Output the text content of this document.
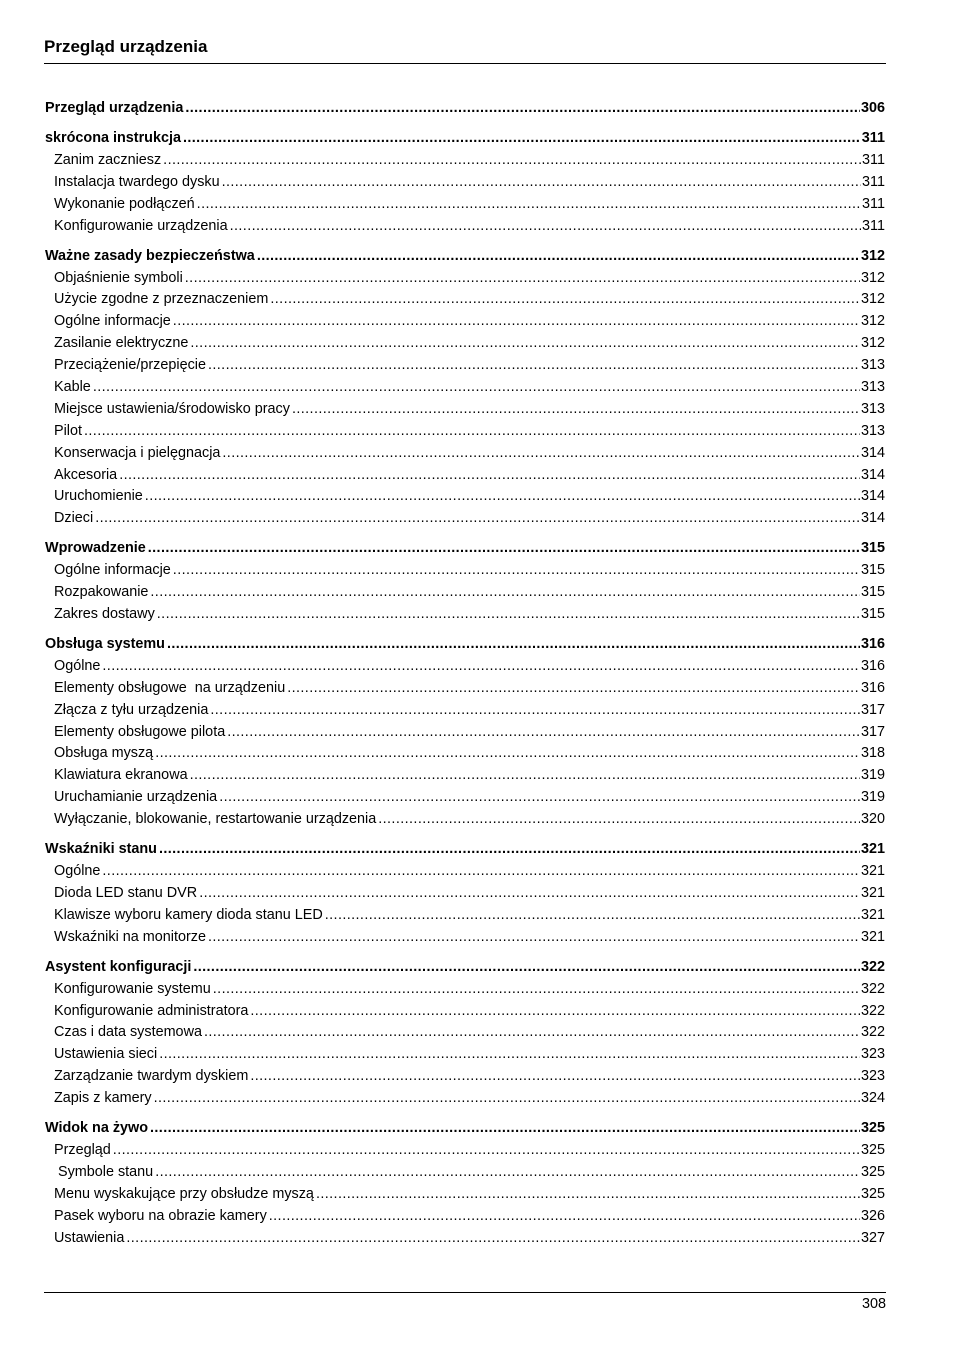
Przegląd urządzenia
Przegląd urządzenia .....	306
skrócona instrukcja .....	311
Zanim zaczniesz .....	311
Instalacja twardego dysku .....	311
Wykonanie podłączeń .....	311
Konfigurowanie urządzenia .....	311
Ważne zasady bezpieczeństwa .....	312
Objaśnienie symboli .....	312
Użycie zgodne z przeznaczeniem .....	312
Ogólne informacje .....	312
Zasilanie elektryczne .....	312
Przeciążenie/przepięcie .....	313
Kable .....	313
Miejsce ustawienia/środowisko pracy .....	313
Pilot .....	313
Konserwacja i pielęgnacja .....	314
Akcesoria .....	314
Uruchomienie .....	314
Dzieci .....	314
Wprowadzenie .....	315
Ogólne informacje .....	315
Rozpakowanie .....	315
Zakres dostawy .....	315
Obsługa systemu .....	316
Ogólne .....	316
Elementy obsługowe  na urządzeniu .....	316
Złącza z tyłu urządzenia .....	317
Elementy obsługowe pilota .....	317
Obsługa myszą .....	318
Klawiatura ekranowa .....	319
Uruchamianie urządzenia .....	319
Wyłączanie, blokowanie, restartowanie urządzenia .....	320
Wskaźniki stanu .....	321
Ogólne .....	321
Dioda LED stanu DVR .....	321
Klawisze wyboru kamery dioda stanu LED .....	321
Wskaźniki na monitorze .....	321
Asystent konfiguracji .....	322
Konfigurowanie systemu .....	322
Konfigurowanie administratora .....	322
Czas i data systemowa .....	322
Ustawienia sieci .....	323
Zarządzanie twardym dyskiem .....	323
Zapis z kamery .....	324
Widok na żywo .....	325
Przegląd .....	325
Symbole stanu .....	325
Menu wyskakujące przy obsłudze myszą .....	325
Pasek wyboru na obrazie kamery .....	326
Ustawienia .....	327
308
